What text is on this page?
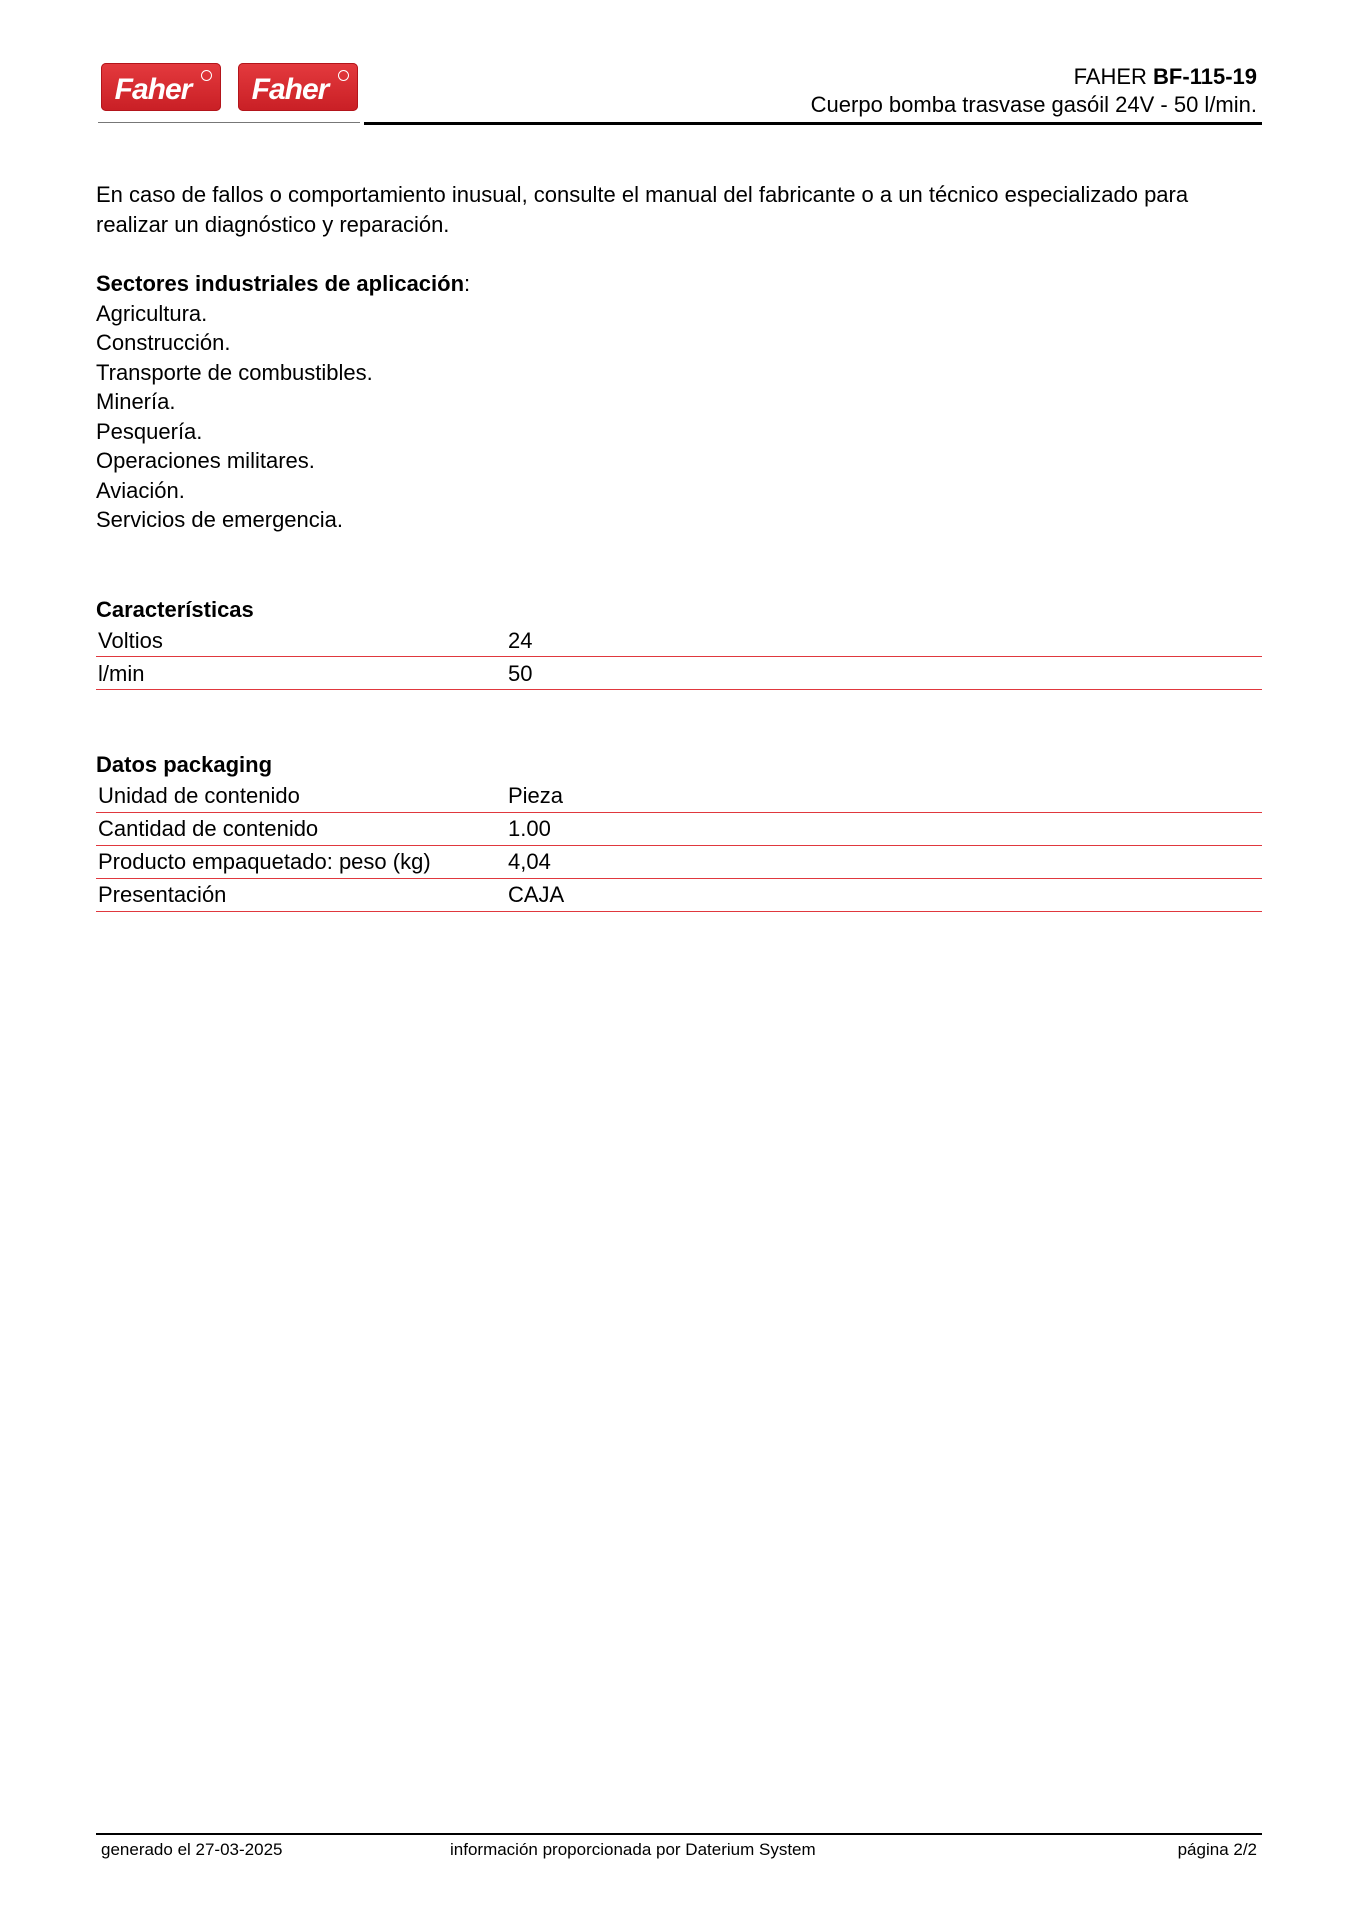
Faher Faher	FAHER BF-115-19
Cuerpo bomba trasvase gasóil 24V - 50 l/min.

En caso de fallos o comportamiento inusual, consulte el manual del fabricante o a un técnico especializado para realizar un diagnóstico y reparación.

Sectores industriales de aplicación:
Agricultura.
Construcción.
Transporte de combustibles.
Minería.
Pesquería.
Operaciones militares.
Aviación.
Servicios de emergencia.
Características
Voltios	24
l/min	50
Datos packaging
Unidad de contenido	Pieza
Cantidad de contenido	1.00
Producto empaquetado: peso (kg)	4,04
Presentación	CAJA
generado el 27-03-2025	información proporcionada por Daterium System	página 2/2
